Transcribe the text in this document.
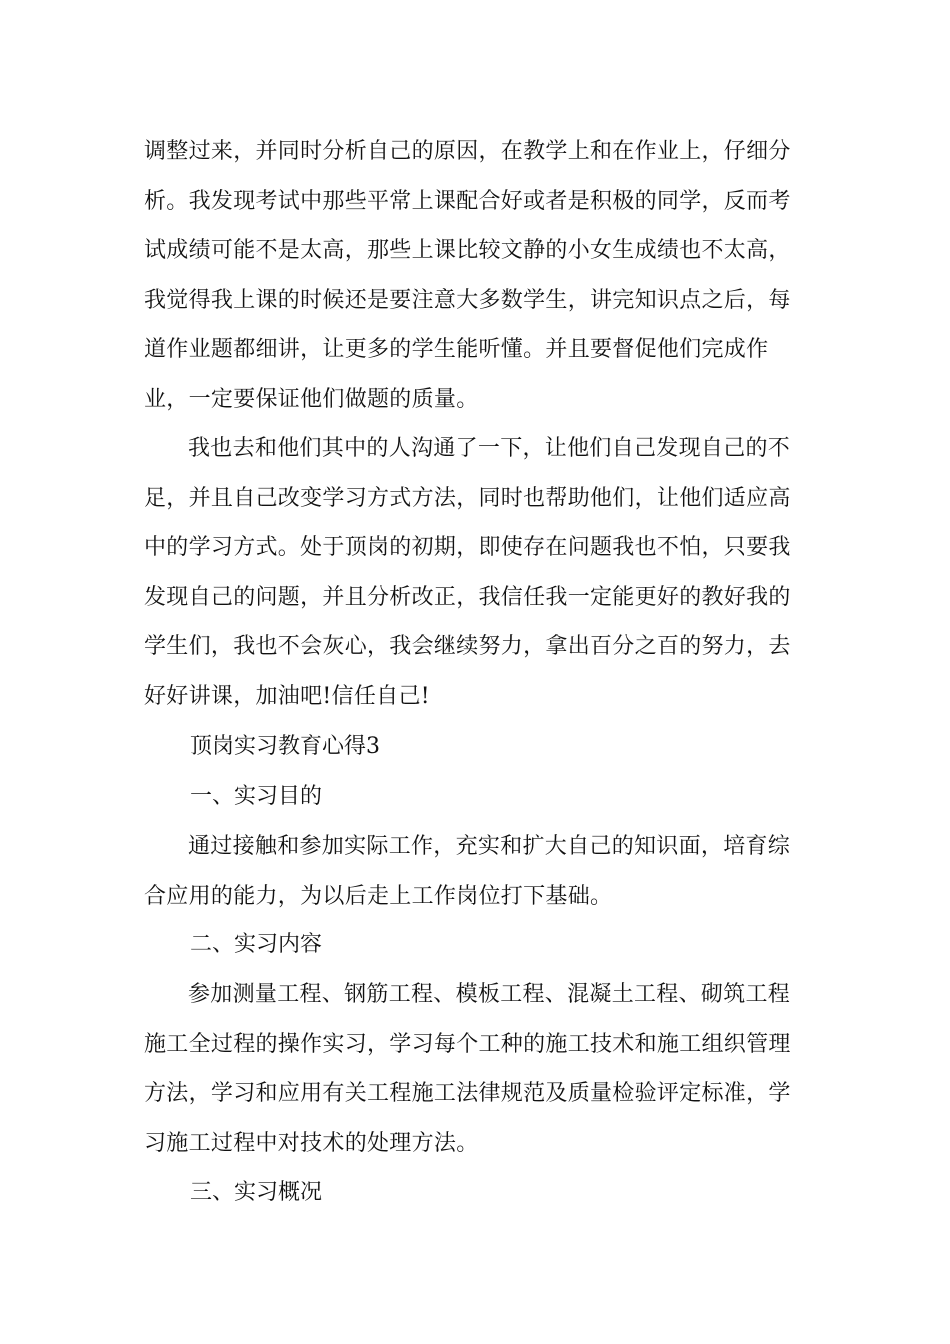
调整过来，并同时分析自己的原因，在教学上和在作业上，仔细分析。我发现考试中那些平常上课配合好或者是积极的同学，反而考试成绩可能不是太高，那些上课比较文静的小女生成绩也不太高，我觉得我上课的时候还是要注意大多数学生，讲完知识点之后，每道作业题都细讲，让更多的学生能听懂。并且要督促他们完成作业，一定要保证他们做题的质量。

我也去和他们其中的人沟通了一下，让他们自己发现自己的不足，并且自己改变学习方式方法，同时也帮助他们，让他们适应高中的学习方式。处于顶岗的初期，即使存在问题我也不怕，只要我发现自己的问题，并且分析改正，我信任我一定能更好的教好我的学生们，我也不会灰心，我会继续努力，拿出百分之百的努力，去好好讲课，加油吧!信任自己!

顶岗实习教育心得3

一、实习目的

通过接触和参加实际工作，充实和扩大自己的知识面，培育综合应用的能力，为以后走上工作岗位打下基础。

二、实习内容

参加测量工程、钢筋工程、模板工程、混凝土工程、砌筑工程施工全过程的操作实习，学习每个工种的施工技术和施工组织管理方法，学习和应用有关工程施工法律规范及质量检验评定标准，学习施工过程中对技术的处理方法。

三、实习概况
